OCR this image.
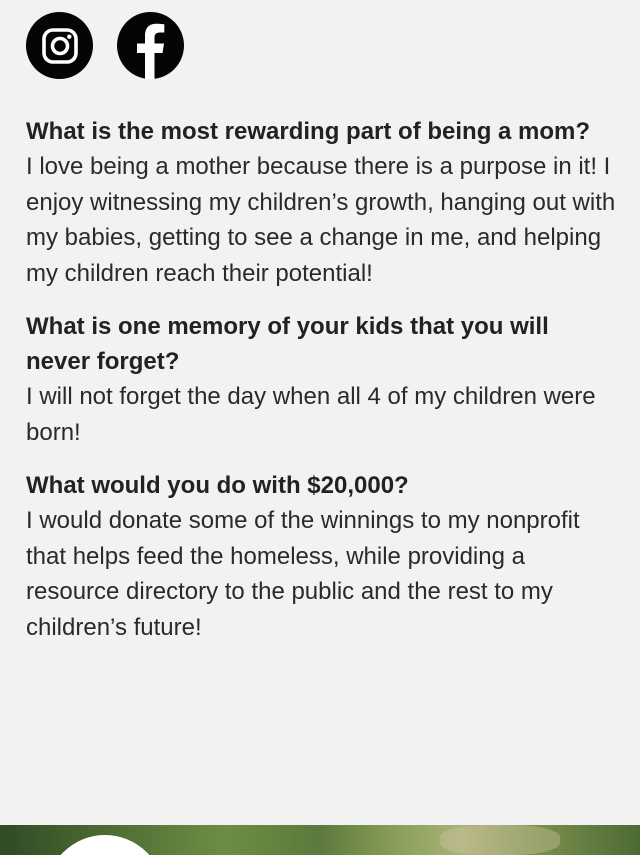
What is the most rewarding part of being a mom?

I love being a mother because there is a purpose in it! I enjoy witnessing my children’s growth, hanging out with my babies, getting to see a change in me, and helping my children reach their potential!

What is one memory of your kids that you will never forget?

I will not forget the day when all 4 of my children were born!

What would you do with $20,000?

I would donate some of the winnings to my nonprofit that helps feed the homeless, while providing a resource directory to the public and the rest to my children’s future!
